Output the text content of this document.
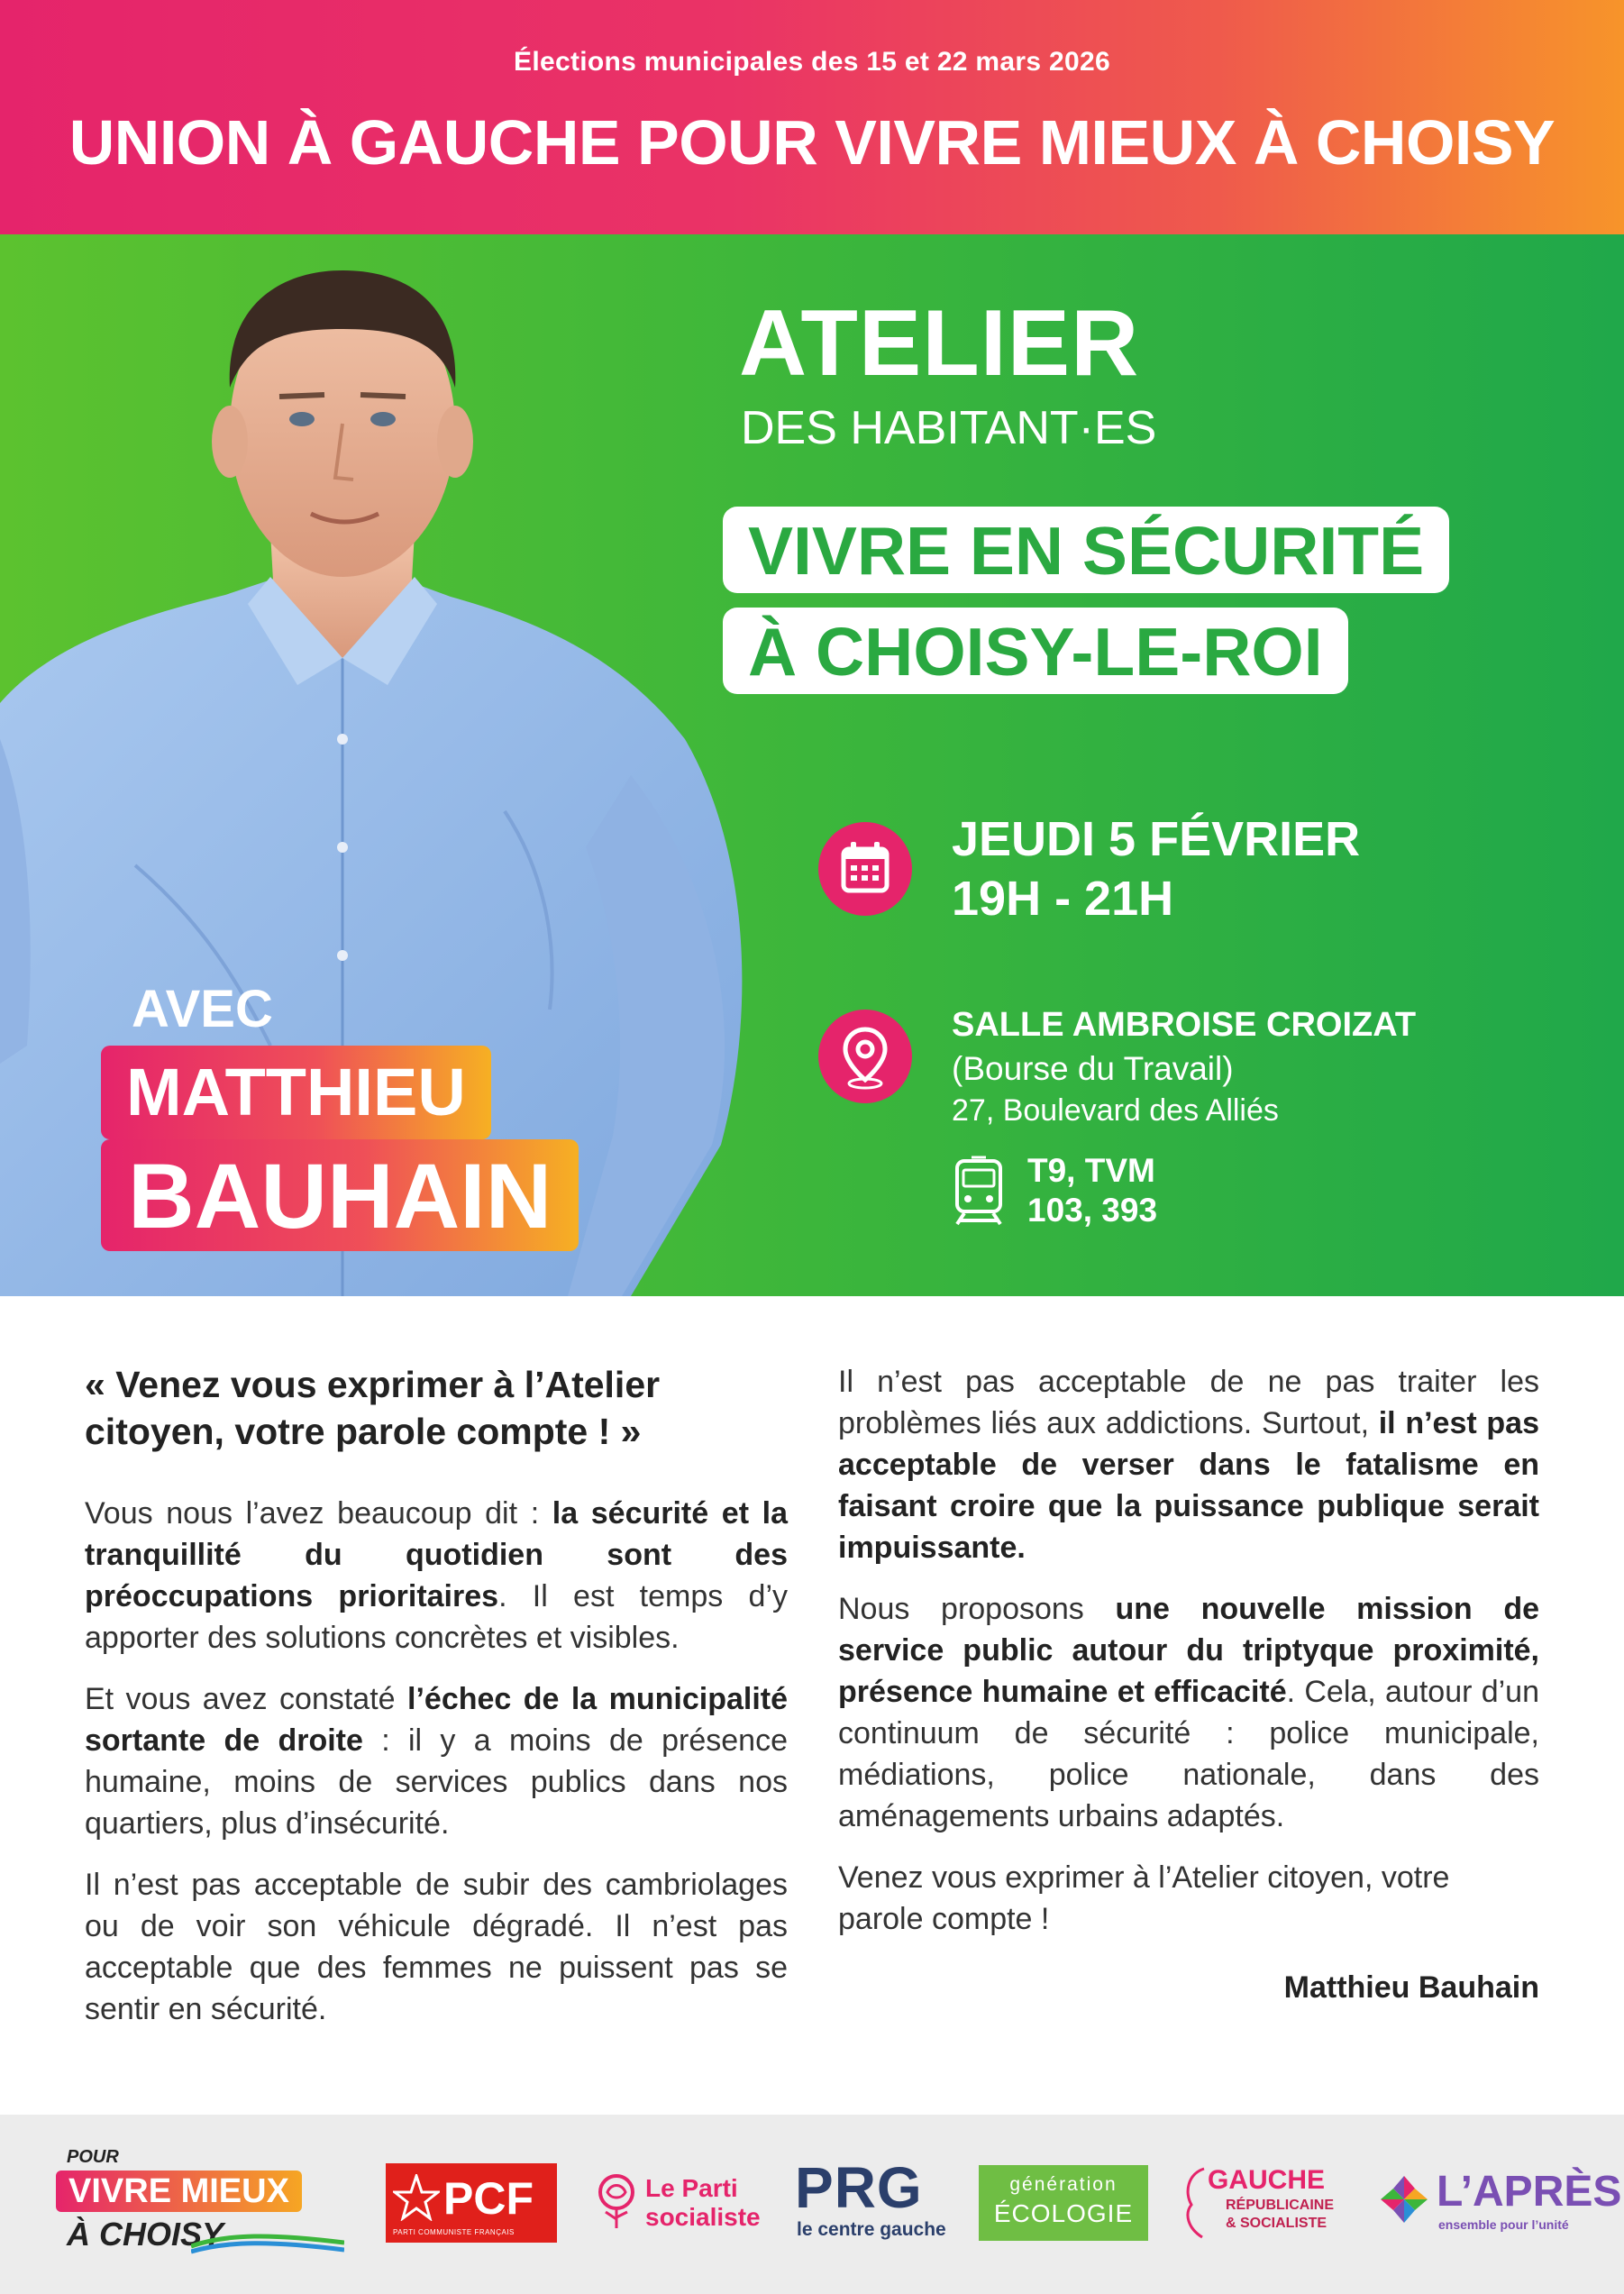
Élections municipales des 15 et 22 mars 2026
UNION À GAUCHE POUR VIVRE MIEUX À CHOISY
ATELIER
DES HABITANT·ES
VIVRE EN SÉCURITÉ
À CHOISY-LE-ROI
JEUDI 5 FÉVRIER
19H - 21H
SALLE AMBROISE CROIZAT
(Bourse du Travail)
27, Boulevard des Alliés
T9, TVM
103, 393
AVEC
MATTHIEU
BAUHAIN

« Venez vous exprimer à l’Atelier citoyen, votre parole compte ! »

Vous nous l’avez beaucoup dit : la sécurité et la tranquillité du quotidien sont des préoccupations prioritaires. Il est temps d’y apporter des solutions concrètes et visibles.

Et vous avez constaté l’échec de la municipalité sortante de droite : il y a moins de présence humaine, moins de services publics dans nos quartiers, plus d’insécurité.

Il n’est pas acceptable de subir des cambriolages ou de voir son véhicule dégradé. Il n’est pas acceptable que des femmes ne puissent pas se sentir en sécurité.

Il n’est pas acceptable de ne pas traiter les problèmes liés aux addictions. Surtout, il n’est pas acceptable de verser dans le fatalisme en faisant croire que la puissance publique serait impuissante.

Nous proposons une nouvelle mission de service public autour du triptyque proximité, présence humaine et efficacité. Cela, autour d’un continuum de sécurité : police municipale, médiations, police nationale, dans des aménagements urbains adaptés.

Venez vous exprimer à l’Atelier citoyen, votre parole compte !

Matthieu Bauhain

POUR
VIVRE MIEUX
À CHOISY
PCF
PARTI COMMUNISTE FRANÇAIS
Le Parti
socialiste PRG
le centre gauche
génération
ÉCOLOGIE
GAUCHE
RÉPUBLICAINE
& SOCIALISTE
L’APRÈS
ensemble pour l’unité
